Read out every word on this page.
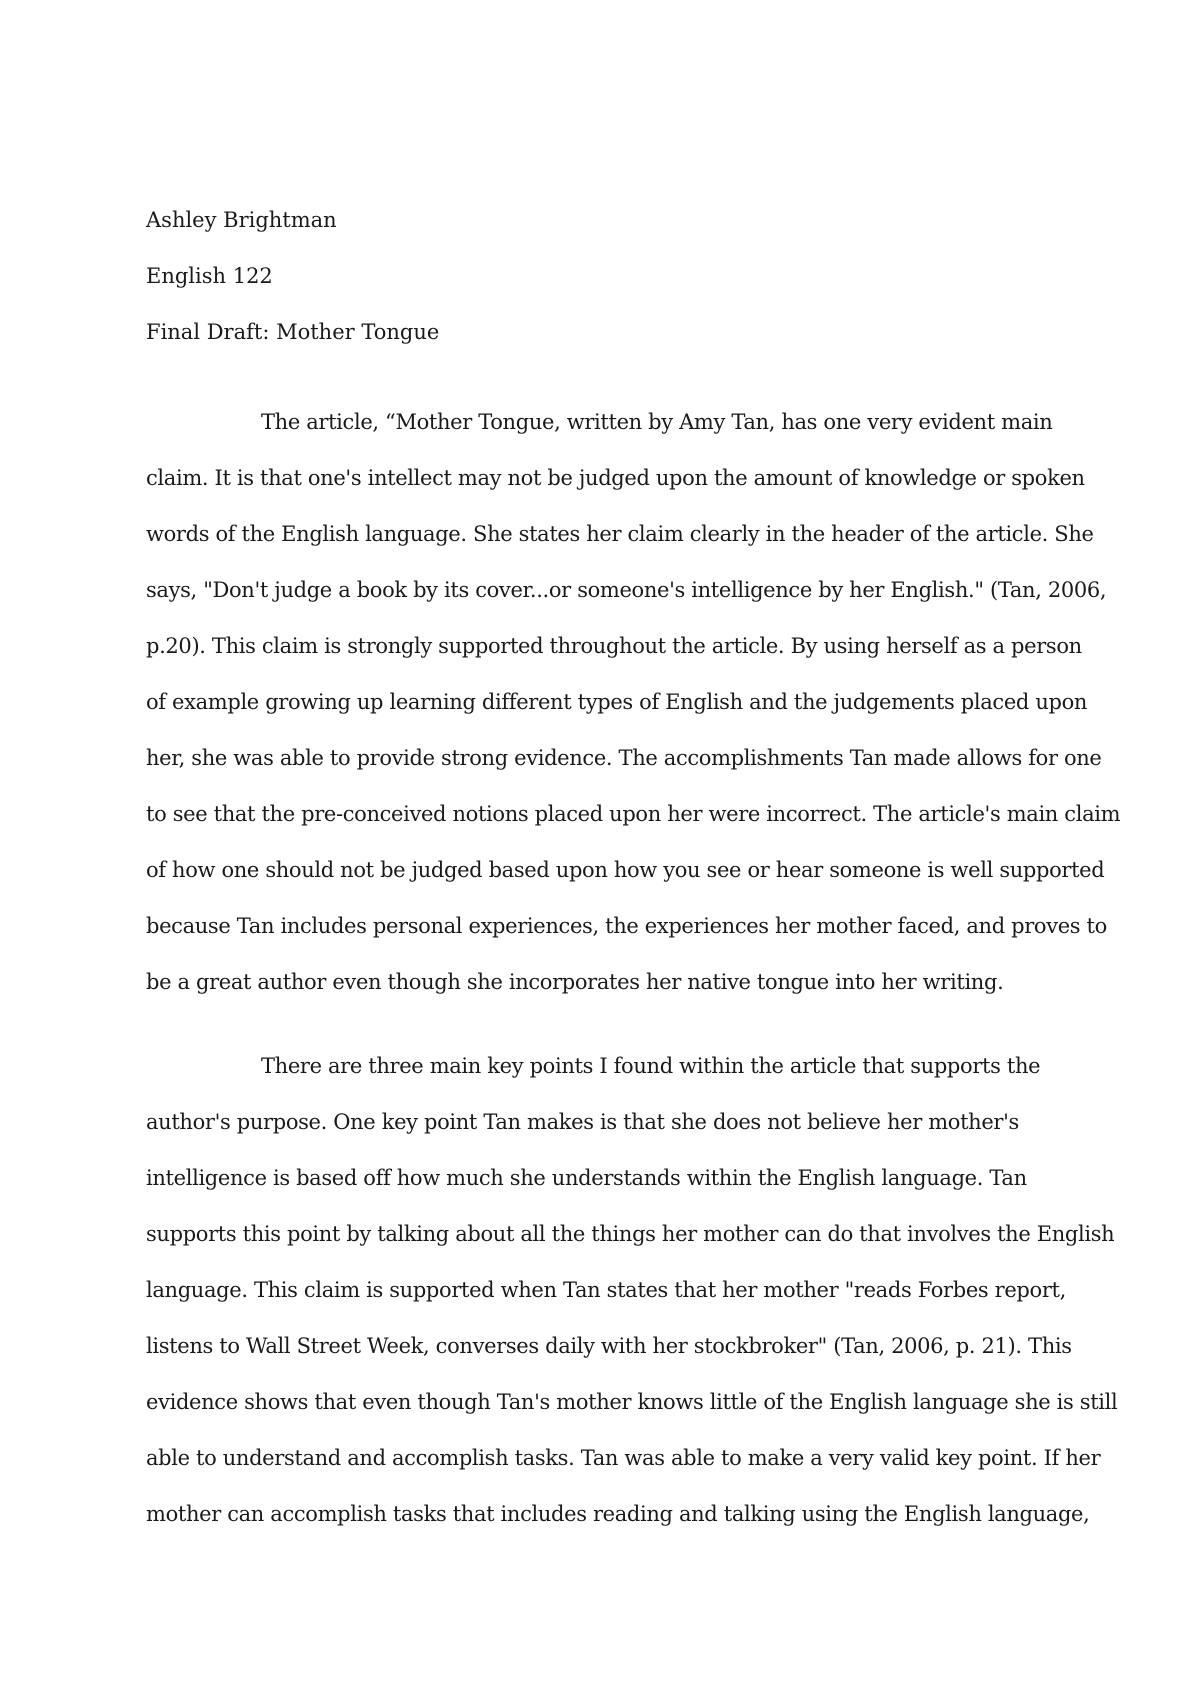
Ashley Brightman
English 122
Final Draft: Mother Tongue
The article, “Mother Tongue, written by Amy Tan, has one very evident main
claim. It is that one's intellect may not be judged upon the amount of knowledge or spoken
words of the English language. She states her claim clearly in the header of the article. She
says, "Don't judge a book by its cover...or someone's intelligence by her English." (Tan, 2006,
p.20). This claim is strongly supported throughout the article. By using herself as a person
of example growing up learning different types of English and the judgements placed upon
her, she was able to provide strong evidence. The accomplishments Tan made allows for one
to see that the pre-conceived notions placed upon her were incorrect. The article's main claim
of how one should not be judged based upon how you see or hear someone is well supported
because Tan includes personal experiences, the experiences her mother faced, and proves to
be a great author even though she incorporates her native tongue into her writing.
There are three main key points I found within the article that supports the
author's purpose. One key point Tan makes is that she does not believe her mother's
intelligence is based off how much she understands within the English language. Tan
supports this point by talking about all the things her mother can do that involves the English
language. This claim is supported when Tan states that her mother "reads Forbes report,
listens to Wall Street Week, converses daily with her stockbroker" (Tan, 2006, p. 21). This
evidence shows that even though Tan's mother knows little of the English language she is still
able to understand and accomplish tasks. Tan was able to make a very valid key point. If her
mother can accomplish tasks that includes reading and talking using the English language,
